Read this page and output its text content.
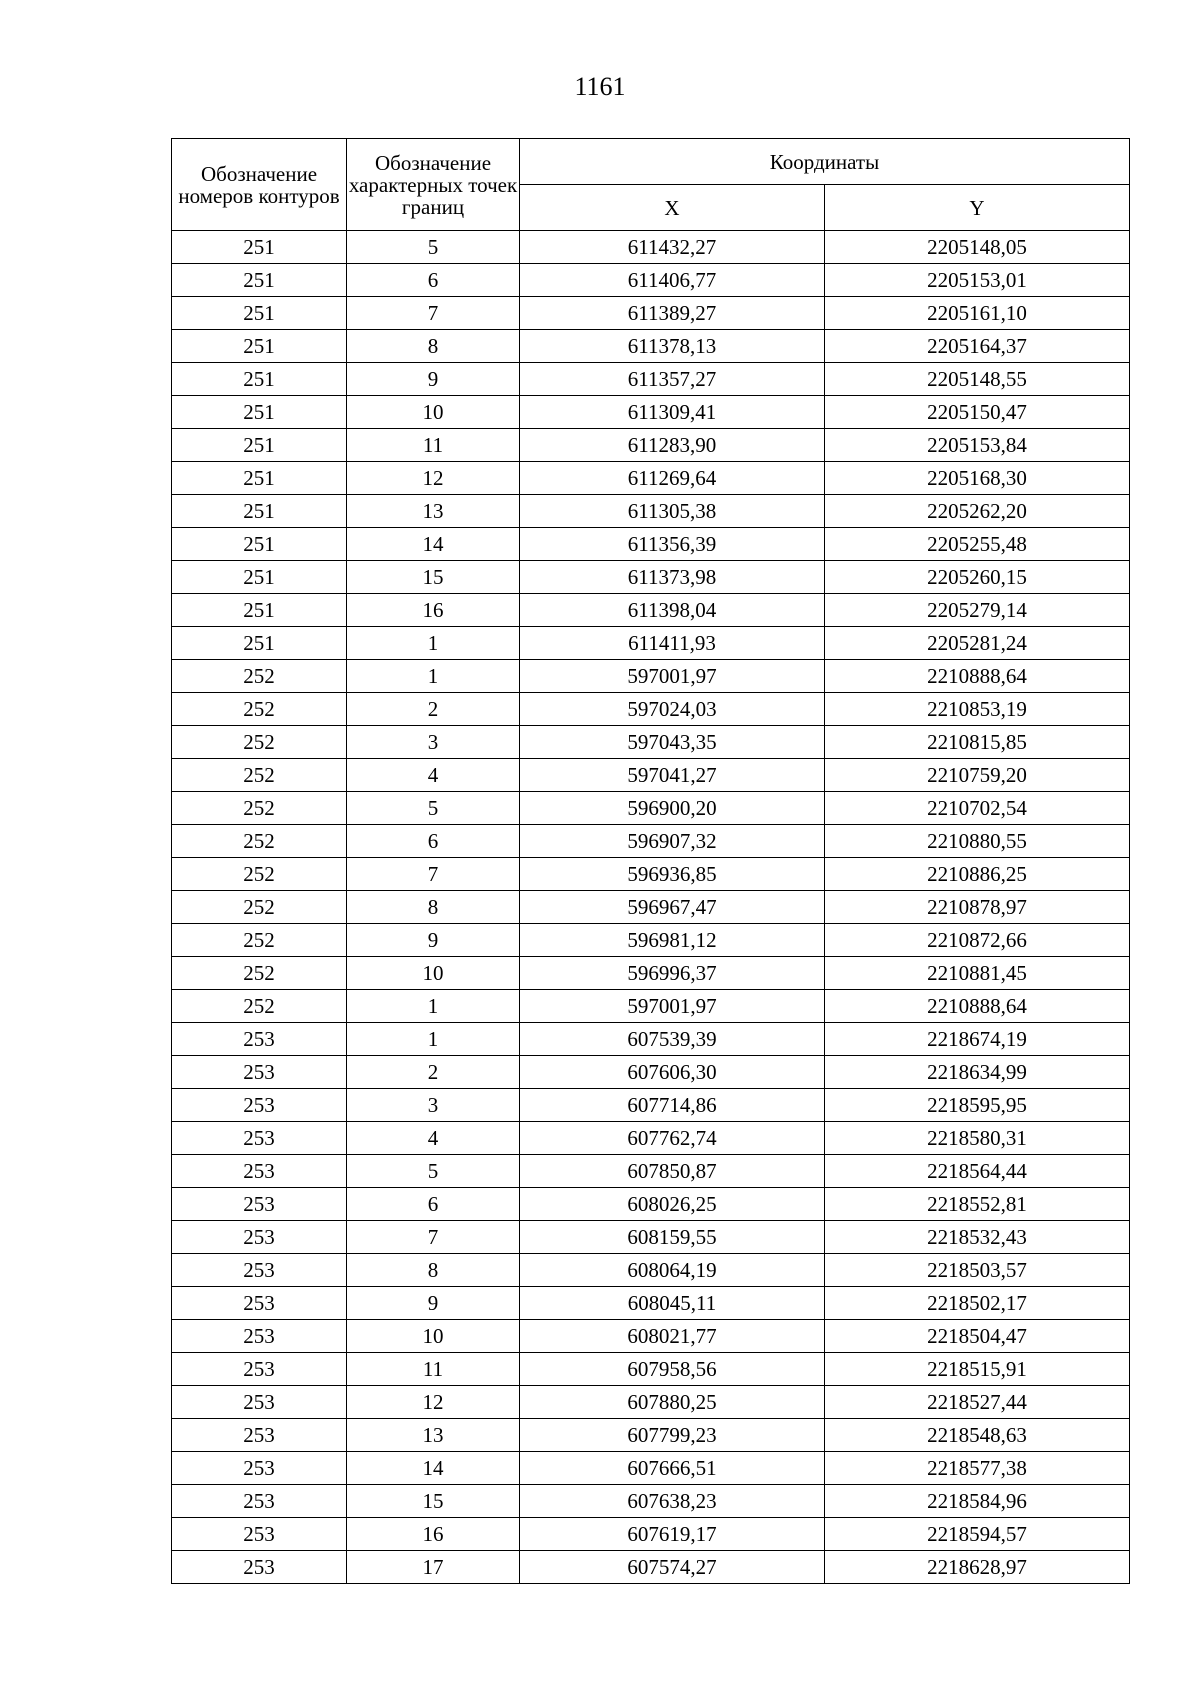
1161
Обозначение номеров контуров	Обозначение характерных точек границ	Координаты	
		X	Y
251	5	611432,27	2205148,05
251	6	611406,77	2205153,01
251	7	611389,27	2205161,10
251	8	611378,13	2205164,37
251	9	611357,27	2205148,55
251	10	611309,41	2205150,47
251	11	611283,90	2205153,84
251	12	611269,64	2205168,30
251	13	611305,38	2205262,20
251	14	611356,39	2205255,48
251	15	611373,98	2205260,15
251	16	611398,04	2205279,14
251	1	611411,93	2205281,24
252	1	597001,97	2210888,64
252	2	597024,03	2210853,19
252	3	597043,35	2210815,85
252	4	597041,27	2210759,20
252	5	596900,20	2210702,54
252	6	596907,32	2210880,55
252	7	596936,85	2210886,25
252	8	596967,47	2210878,97
252	9	596981,12	2210872,66
252	10	596996,37	2210881,45
252	1	597001,97	2210888,64
253	1	607539,39	2218674,19
253	2	607606,30	2218634,99
253	3	607714,86	2218595,95
253	4	607762,74	2218580,31
253	5	607850,87	2218564,44
253	6	608026,25	2218552,81
253	7	608159,55	2218532,43
253	8	608064,19	2218503,57
253	9	608045,11	2218502,17
253	10	608021,77	2218504,47
253	11	607958,56	2218515,91
253	12	607880,25	2218527,44
253	13	607799,23	2218548,63
253	14	607666,51	2218577,38
253	15	607638,23	2218584,96
253	16	607619,17	2218594,57
253	17	607574,27	2218628,97
